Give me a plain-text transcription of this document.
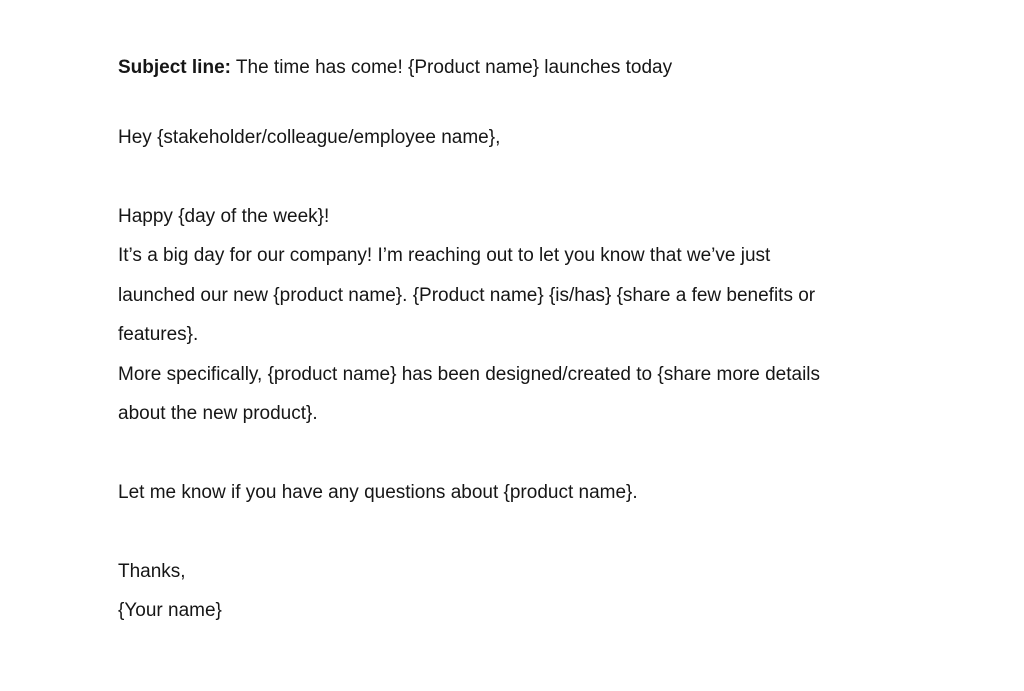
Subject line: The time has come! {Product name} launches today
Hey {stakeholder/colleague/employee name},
Happy {day of the week}!
It’s a big day for our company! I’m reaching out to let you know that we’ve just
launched our new {product name}. {Product name} {is/has} {share a few benefits or
features}.
More specifically, {product name} has been designed/created to {share more details
about the new product}.
Let me know if you have any questions about {product name}.
Thanks,
{Your name}
